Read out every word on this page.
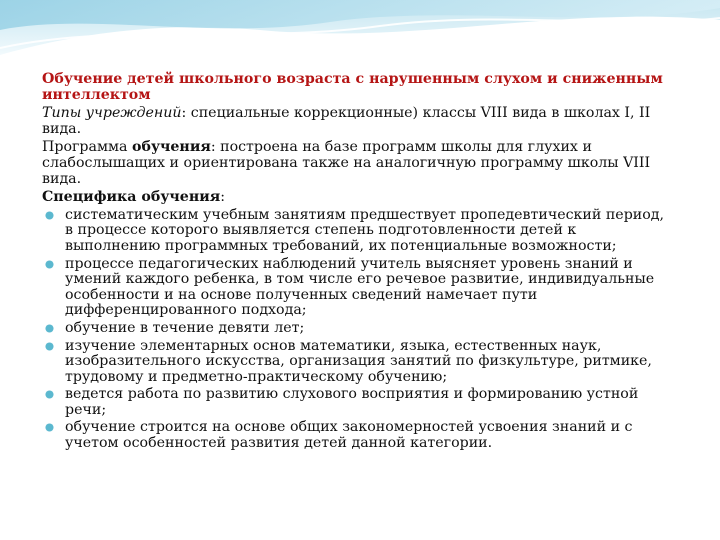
Обучение детей школьного возраста с нарушенным слухом и сниженным интеллектом
Типы учреждений: специальные коррекционные) классы VIII вида в школах I, II вида.
Программа обучения: построена на базе программ школы для глухих и слабослышащих и ориентирована также на аналогичную программу школы VIII вида.
Специфика обучения:
систематическим учебным занятиям предшествует пропедевтический период, в процессе которого выявляется степень подготовленности детей к выполнению программных требований, их потенциальные возможности;
процессе педагогических наблюдений учитель выясняет уровень знаний и умений каждого ребенка, в том числе его речевое развитие, индивидуальные особенности и на основе полученных сведений намечает пути дифференцированного подхода;
обучение в течение девяти лет;
изучение элементарных основ математики, языка, естественных наук, изобразительного искусства, организация занятий по физкультуре, ритмике, трудовому и предметно-практическому обучению;
ведется работа по развитию слухового восприятия и формированию устной речи;
обучение строится на основе общих закономерностей усвоения знаний и с учетом особенностей развития детей данной категории.
